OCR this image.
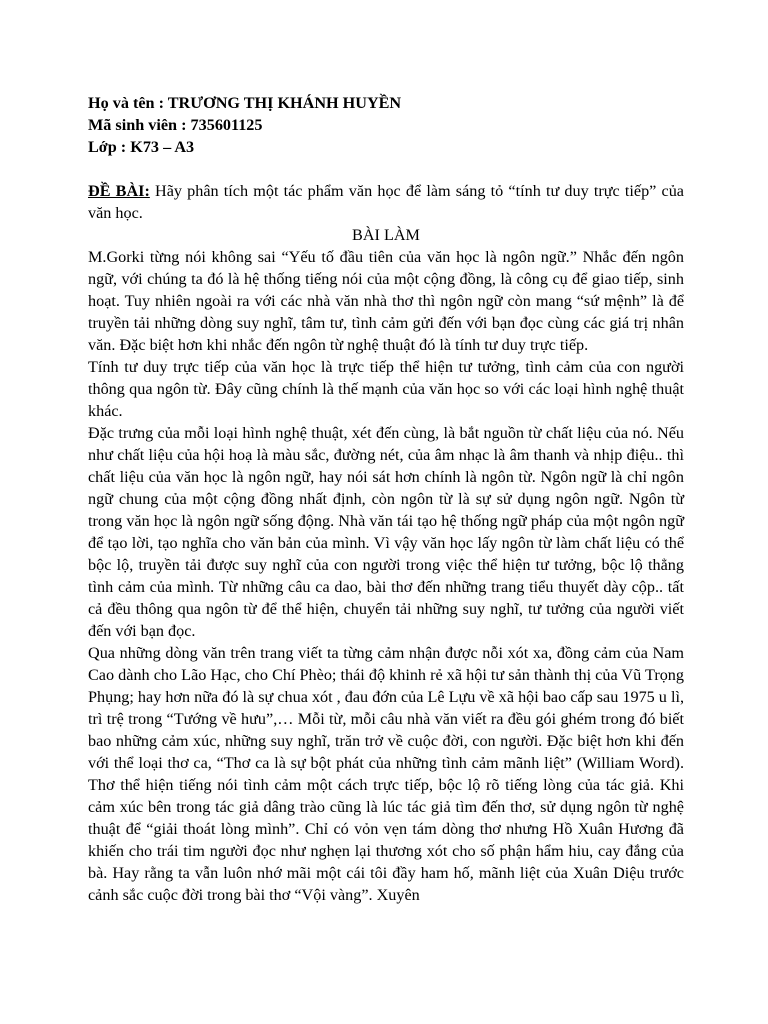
Họ và tên : TRƯƠNG THỊ KHÁNH HUYỀN

Mã sinh viên : 735601125

Lớp : K73 – A3

ĐỀ BÀI: Hãy phân tích một tác phẩm văn học để làm sáng tỏ “tính tư duy trực tiếp” của văn học.

BÀI LÀM

M.Gorki từng nói không sai “Yếu tố đầu tiên của văn học là ngôn ngữ.” Nhắc đến ngôn ngữ, với chúng ta đó là hệ thống tiếng nói của một cộng đồng, là công cụ để giao tiếp, sinh hoạt. Tuy nhiên ngoài ra với các nhà văn nhà thơ thì ngôn ngữ còn mang “sứ mệnh” là để truyền tải những dòng suy nghĩ, tâm tư, tình cảm gửi đến với bạn đọc cùng các giá trị nhân văn. Đặc biệt hơn khi nhắc đến ngôn từ nghệ thuật đó là tính tư duy trực tiếp.

Tính tư duy trực tiếp của văn học là trực tiếp thể hiện tư tưởng, tình cảm của con người thông qua ngôn từ. Đây cũng chính là thế mạnh của văn học so với các loại hình nghệ thuật khác.

Đặc trưng của mỗi loại hình nghệ thuật, xét đến cùng, là bắt nguồn từ chất liệu của nó. Nếu như chất liệu của hội hoạ là màu sắc, đường nét, của âm nhạc là âm thanh và nhịp điệu.. thì chất liệu của văn học là ngôn ngữ, hay nói sát hơn chính là ngôn từ. Ngôn ngữ là chỉ ngôn ngữ chung của một cộng đồng nhất định, còn ngôn từ là sự sử dụng ngôn ngữ. Ngôn từ trong văn học là ngôn ngữ sống động. Nhà văn tái tạo hệ thống ngữ pháp của một ngôn ngữ để tạo lời, tạo nghĩa cho văn bản của mình. Vì vậy văn học lấy ngôn từ làm chất liệu có thể bộc lộ, truyền tải được suy nghĩ của con người trong việc thể hiện tư tưởng, bộc lộ thẳng tình cảm của mình. Từ những câu ca dao, bài thơ đến những trang tiểu thuyết dày cộp.. tất cả đều thông qua ngôn từ để thể hiện, chuyển tải những suy nghĩ, tư tưởng của người viết đến với bạn đọc.

Qua những dòng văn trên trang viết ta từng cảm nhận được nỗi xót xa, đồng cảm của Nam Cao dành cho Lão Hạc, cho Chí Phèo; thái độ khinh rẻ xã hội tư sản thành thị của Vũ Trọng Phụng; hay hơn nữa đó là sự chua xót , đau đớn của Lê Lựu về xã hội bao cấp sau 1975 u lì, trì trệ trong “Tướng về hưu”,… Mỗi từ, mỗi câu nhà văn viết ra đều gói ghém trong đó biết bao những cảm xúc, những suy nghĩ, trăn trở về cuộc đời, con người. Đặc biệt hơn khi đến với thể loại thơ ca, “Thơ ca là sự bột phát của những tình cảm mãnh liệt” (William Word). Thơ thể hiện tiếng nói tình cảm một cách trực tiếp, bộc lộ rõ tiếng lòng của tác giả. Khi cảm xúc bên trong tác giả dâng trào cũng là lúc tác giả tìm đến thơ, sử dụng ngôn từ nghệ thuật để “giải thoát lòng mình”. Chỉ có vỏn vẹn tám dòng thơ nhưng Hồ Xuân Hương đã khiến cho trái tim người đọc như nghẹn lại thương xót cho số phận hẩm hiu, cay đắng của bà. Hay rằng ta vẫn luôn nhớ mãi một cái tôi đầy ham hố, mãnh liệt của Xuân Diệu trước cảnh sắc cuộc đời trong bài thơ “Vội vàng”. Xuyên
